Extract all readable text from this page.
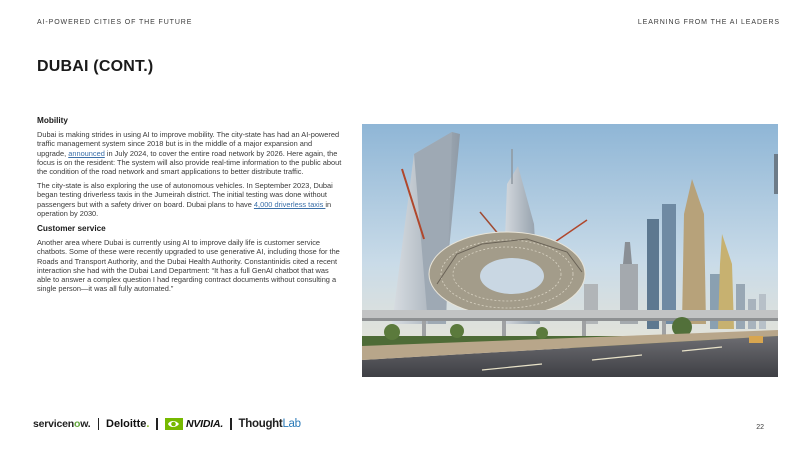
AI-POWERED CITIES OF THE FUTURE	LEARNING FROM THE AI LEADERS
DUBAI (CONT.)
Mobility

Dubai is making strides in using AI to improve mobility. The city-state has had an AI-powered traffic management system since 2018 but is in the middle of a major expansion and upgrade, announced in July 2024, to cover the entire road network by 2026. Here again, the focus is on the resident: The system will also provide real-time information to the public about the condition of the road network and smart applications to better distribute traffic.

The city-state is also exploring the use of autonomous vehicles. In September 2023, Dubai began testing driverless taxis in the Jumeirah district. The initial testing was done without passengers but with a safety driver on board. Dubai plans to have 4,000 driverless taxis in operation by 2030.

Customer service

Another area where Dubai is currently using AI to improve daily life is customer service chatbots. Some of these were recently upgraded to use generative AI, including those for the Roads and Transport Authority, and the Dubai Health Authority. Constantinidis cited a recent interaction she had with the Dubai Land Department: “It has a full GenAI chatbot that was able to answer a complex question I had regarding contract documents without consulting a single person—it was all fully automated.”

servicenow. Deloitte.	NVIDIA. ThoughtLab	22
